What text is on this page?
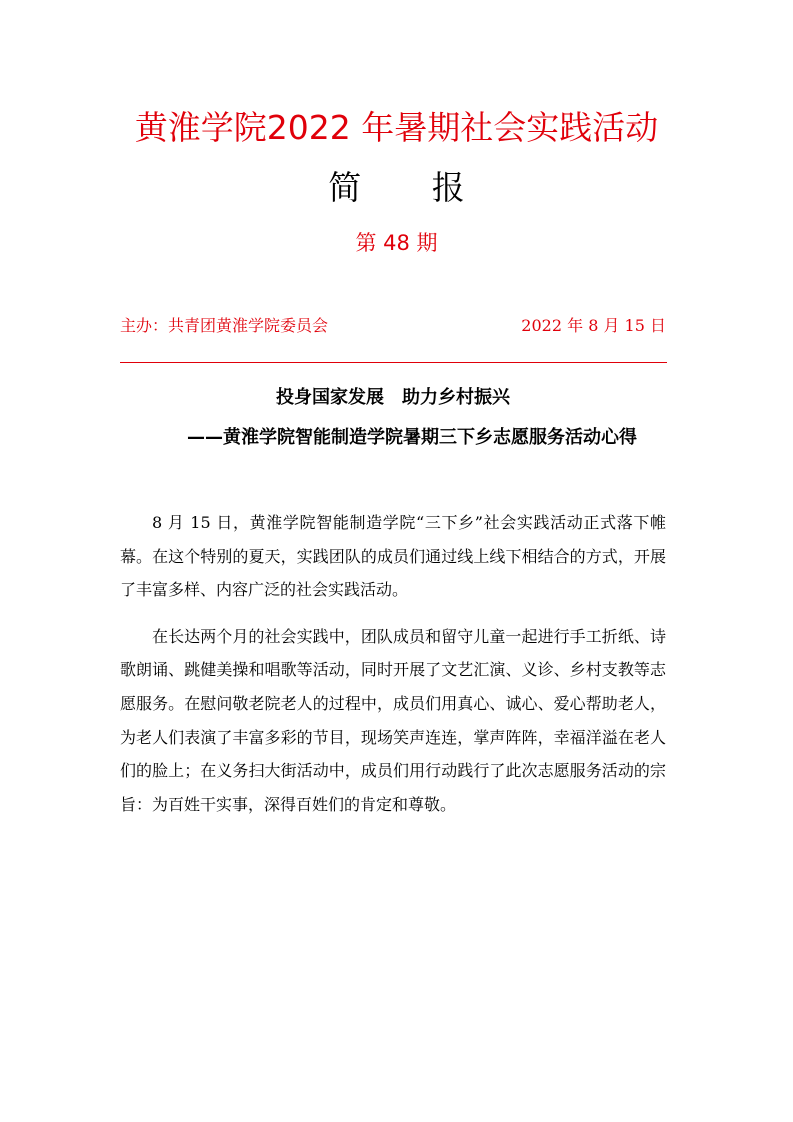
黄淮学院2022 年暑期社会实践活动
简 报
第 48 期
主办：共青团黄淮学院委员会	2022 年 8 月 15 日
投身国家发展　助力乡村振兴
——黄淮学院智能制造学院暑期三下乡志愿服务活动心得

8 月 15 日，黄淮学院智能制造学院“三下乡”社会实践活动正式落下帷幕。在这个特别的夏天，实践团队的成员们通过线上线下相结合的方式，开展了丰富多样、内容广泛的社会实践活动。

在长达两个月的社会实践中，团队成员和留守儿童一起进行手工折纸、诗歌朗诵、跳健美操和唱歌等活动，同时开展了文艺汇演、义诊、乡村支教等志愿服务。在慰问敬老院老人的过程中，成员们用真心、诚心、爱心帮助老人，为老人们表演了丰富多彩的节目，现场笑声连连，掌声阵阵，幸福洋溢在老人们的脸上；在义务扫大街活动中，成员们用行动践行了此次志愿服务活动的宗旨：为百姓干实事，深得百姓们的肯定和尊敬。
